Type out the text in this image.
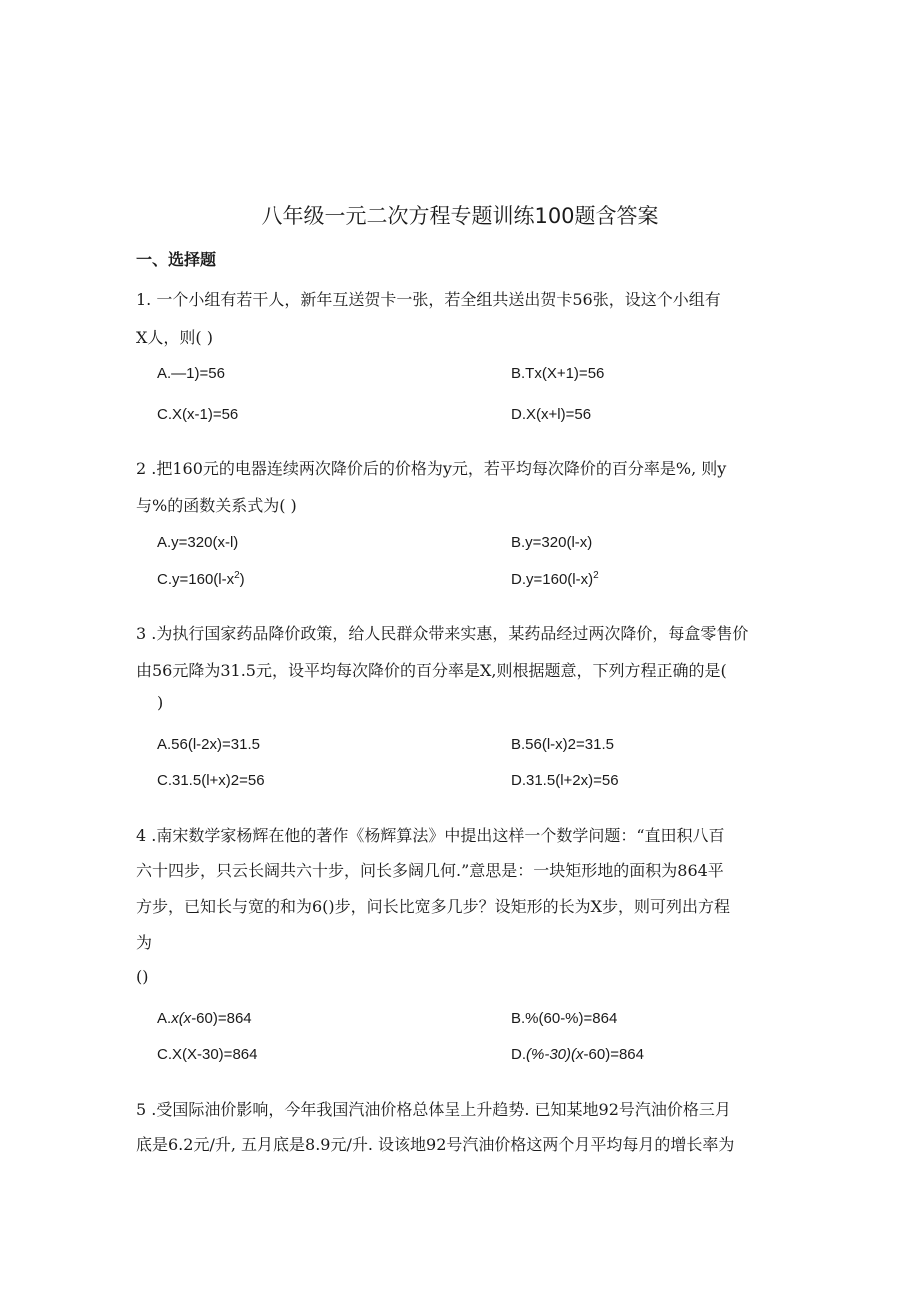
八年级一元二次方程专题训练100题含答案
一、选择题
1. 一个小组有若干人，新年互送贺卡一张，若全组共送出贺卡56张，设这个小组有
X人，则( )
A.—1)=56	B.Tx(X+1)=56
C.X(x-1)=56	D.X(x+l)=56
2 .把160元的电器连续两次降价后的价格为y元，若平均每次降价的百分率是%, 则y
与%的函数关系式为( )
A.y=320(x-l)	B.y=320(l-x)
$C.y=160(l-x^2)$	$D.y=160(l-x)^2$
3 .为执行国家药品降价政策，给人民群众带来实惠，某药品经过两次降价，每盒零售价
由56元降为31.5元，设平均每次降价的百分率是X,则根据题意，下列方程正确的是(
)
A.56(l-2x)=31.5	B.56(l-x)2=31.5
C.31.5(l+x)2=56	D.31.5(l+2x)=56
4 .南宋数学家杨辉在他的著作《杨辉算法》中提出这样一个数学问题：“直田积八百
六十四步，只云长阔共六十步，问长多阔几何.”意思是：一块矩形地的面积为864平
方步，已知长与宽的和为6()步，问长比宽多几步？设矩形的长为X步，则可列出方程
为
()
A.x(x-60)=864	B.%(60-%)=864
C.X(X-30)=864	D.(%-30)(x-60)=864
5 .受国际油价影响，今年我国汽油价格总体呈上升趋势. 已知某地92号汽油价格三月
底是6.2元/升, 五月底是8.9元/升. 设该地92号汽油价格这两个月平均每月的增长率为
